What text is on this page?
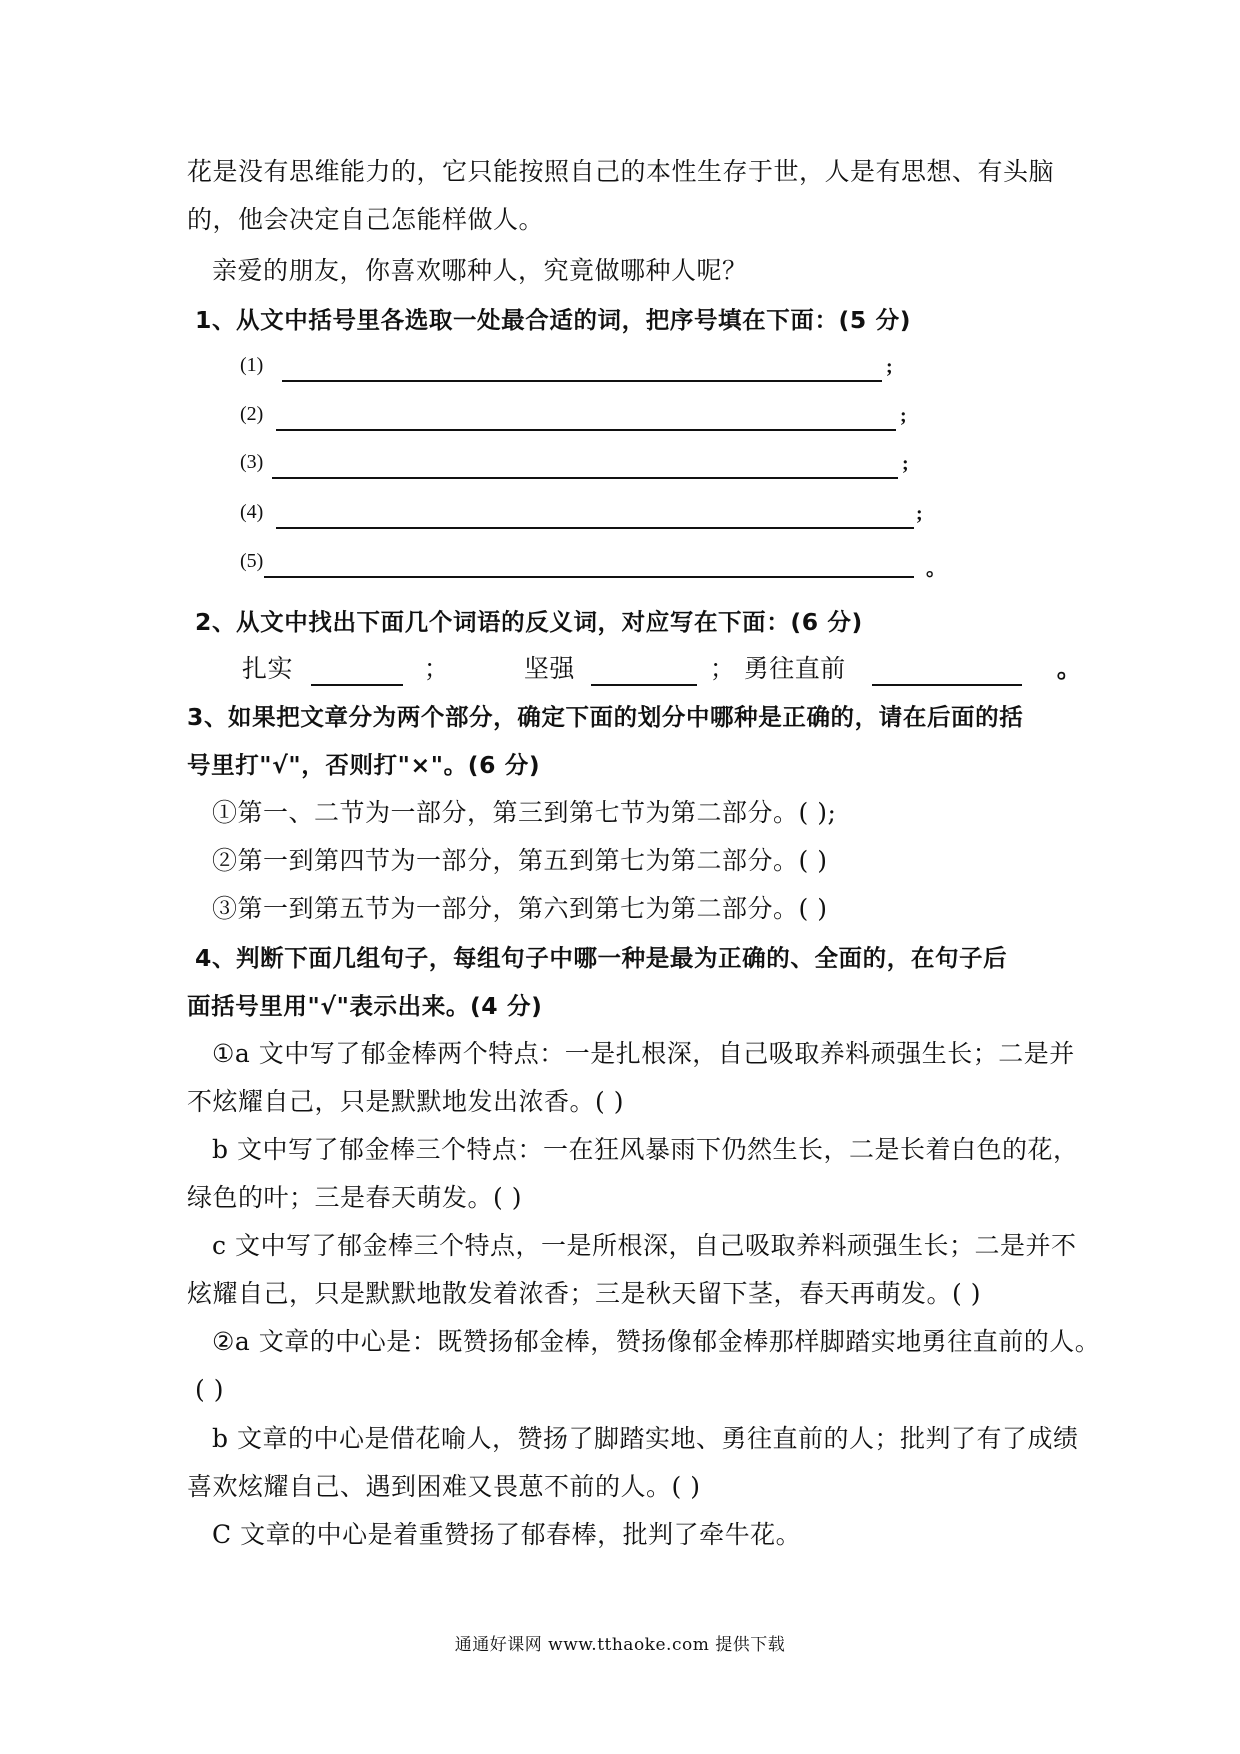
花是没有思维能力的，它只能按照自己的本性生存于世，人是有思想、有头脑
的，他会决定自己怎能样做人。
亲爱的朋友，你喜欢哪种人，究竟做哪种人呢？
1、从文中括号里各选取一处最合适的词，把序号填在下面：(5 分)
(1)	;
(2)	;
(3)	;
(4)	;
(5)	。
2、从文中找出下面几个词语的反义词，对应写在下面：(6 分)
扎实	；	坚强	； 勇往直前	。
3、如果把文章分为两个部分，确定下面的划分中哪种是正确的，请在后面的括
号里打"√"，否则打"×"。(6 分)
①第一、二节为一部分，第三到第七节为第二部分。( );
②第一到第四节为一部分，第五到第七为第二部分。( )
③第一到第五节为一部分，第六到第七为第二部分。( )
4、判断下面几组句子，每组句子中哪一种是最为正确的、全面的，在句子后
面括号里用"√"表示出来。(4 分)
①a 文中写了郁金棒两个特点：一是扎根深，自己吸取养料顽强生长；二是并
不炫耀自己，只是默默地发出浓香。( )
b 文中写了郁金棒三个特点：一在狂风暴雨下仍然生长，二是长着白色的花，
绿色的叶；三是春天萌发。( )
c 文中写了郁金棒三个特点，一是所根深，自己吸取养料顽强生长；二是并不
炫耀自己，只是默默地散发着浓香；三是秋天留下茎，春天再萌发。( )
②a 文章的中心是：既赞扬郁金棒，赞扬像郁金棒那样脚踏实地勇往直前的人。
( )
b 文章的中心是借花喻人，赞扬了脚踏实地、勇往直前的人；批判了有了成绩
喜欢炫耀自己、遇到困难又畏葸不前的人。( )
C 文章的中心是着重赞扬了郁春棒，批判了牵牛花。
通通好课网 www.tthaoke.com 提供下载
